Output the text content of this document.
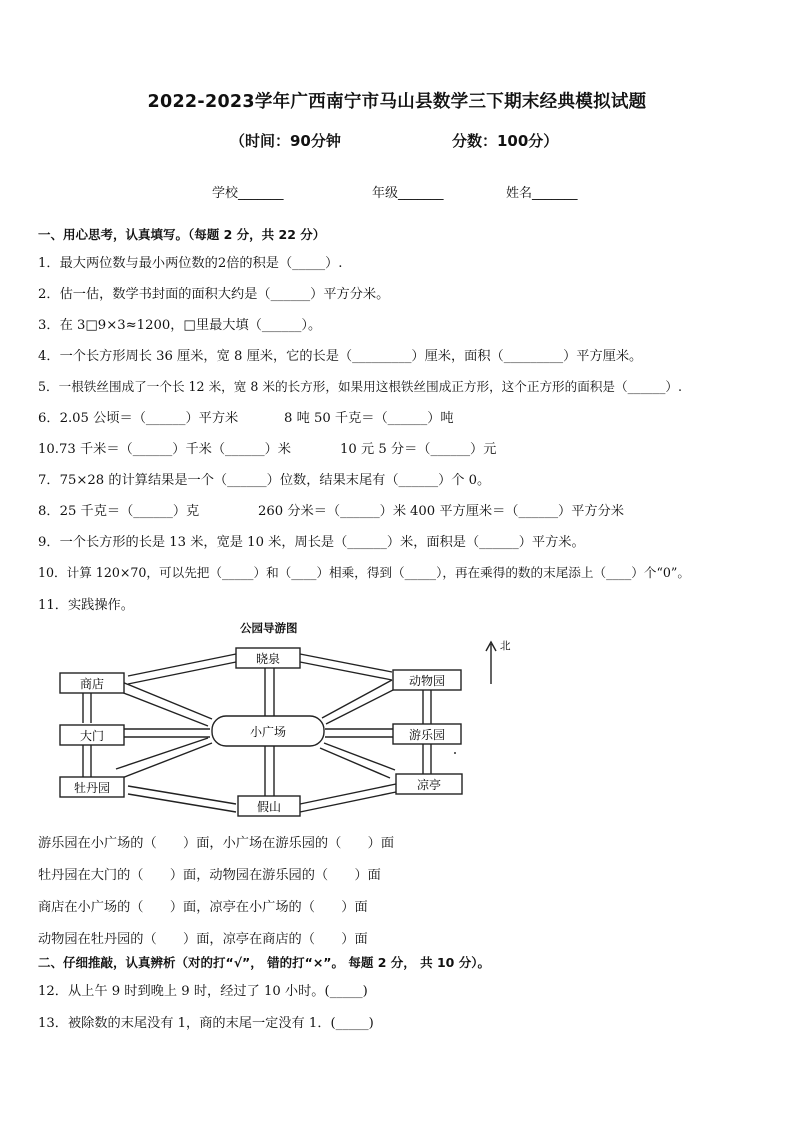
2022-2023学年广西南宁市马山县数学三下期末经典模拟试题
（时间：90分钟	分数：100分）
学校_______	年级_______	姓名_______
一、用心思考，认真填写。（每题 2 分，共 22 分）
1．最大两位数与最小两位数的2倍的积是（_____）.
2．估一估，数学书封面的面积大约是（______）平方分米。
3．在 3□9×3≈1200，□里最大填（______）。
4．一个长方形周长 36 厘米，宽 8 厘米，它的长是（_________）厘米，面积（_________）平方厘米。
5．一根铁丝围成了一个长 12 米，宽 8 米的长方形，如果用这根铁丝围成正方形，这个正方形的面积是（______）.
6．2.05 公顷＝（______）平方米	8 吨 50 千克＝（______）吨
10.73 千米＝（______）千米（______）米	10 元 5 分＝（______）元
7．75×28 的计算结果是一个（______）位数，结果末尾有（______）个 0。
8．25 千克＝（______）克	260 分米＝（______）米 400 平方厘米＝（______）平方分米
9．一个长方形的长是 13 米，宽是 10 米，周长是（______）米，面积是（______）平方米。
10．计算 120×70，可以先把（_____）和（____）相乘，得到（_____），再在乘得的数的末尾添上（____）个“0”。
11．实践操作。
公园导游图
晓泉
商店	动物园
大门	小广场	游乐园
牡丹园
假山
凉亭
北
游乐园在小广场的（　　）面，小广场在游乐园的（　　）面
牡丹园在大门的（　　）面，动物园在游乐园的（　　）面
商店在小广场的（　　）面，凉亭在小广场的（　　）面
动物园在牡丹园的（　　）面，凉亭在商店的（　　）面
二、仔细推敲，认真辨析（对的打“√”， 错的打“×”。 每题 2 分， 共 10 分）。
12．从上午 9 时到晚上 9 时，经过了 10 小时。(_____)
13．被除数的末尾没有 1，商的末尾一定没有 1．(_____)
